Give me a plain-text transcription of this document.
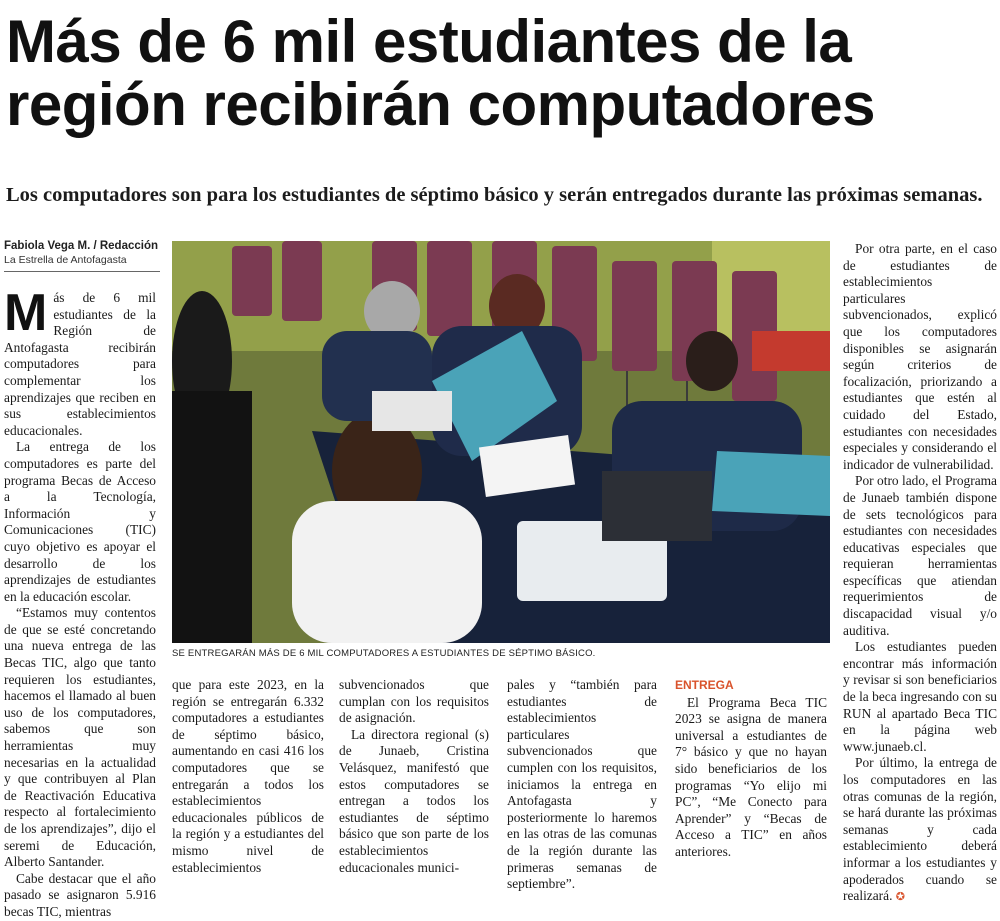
Más de 6 mil estudiantes de la región recibirán computadores
Los computadores son para los estudiantes de séptimo básico y serán entregados durante las próximas semanas.
Fabiola Vega M. / Redacción
La Estrella de Antofagasta

Más de 6 mil estudiantes de la Región de Antofagasta recibirán computadores para complementar los aprendizajes que reciben en sus establecimientos educacionales.

La entrega de los computadores es parte del programa Becas de Acceso a la Tecnología, Información y Comunicaciones (TIC) cuyo objetivo es apoyar el desarrollo de los aprendizajes de estudiantes en la educación escolar.

“Estamos muy contentos de que se esté concretando una nueva entrega de las Becas TIC, algo que tanto requieren los estudiantes, hacemos el llamado al buen uso de los computadores, sabemos que son herramientas muy necesarias en la actualidad y que contribuyen al Plan de Reactivación Educativa respecto al fortalecimiento de los aprendizajes”, dijo el seremi de Educación, Alberto Santander.

Cabe destacar que el año pasado se asignaron 5.916 becas TIC, mientras

SE ENTREGARÁN MÁS DE 6 MIL COMPUTADORES A ESTUDIANTES DE SÉPTIMO BÁSICO.

que para este 2023, en la región se entregarán 6.332 computadores a estudiantes de séptimo básico, aumentando en casi 416 los computadores que se entregarán a todos los establecimientos educacionales públicos de la región y a estudiantes del mismo nivel de establecimientos

subvencionados que cumplan con los requisitos de asignación.

La directora regional (s) de Junaeb, Cristina Velásquez, manifestó que estos computadores se entregan a todos los estudiantes de séptimo básico que son parte de los establecimientos educacionales munici-

pales y “también para estudiantes de establecimientos particulares subvencionados que cumplen con los requisitos, iniciamos la entrega en Antofagasta y posteriormente lo haremos en las otras de las comunas de la región durante las primeras semanas de septiembre”.

ENTREGA

El Programa Beca TIC 2023 se asigna de manera universal a estudiantes de 7° básico y que no hayan sido beneficiarios de los programas “Yo elijo mi PC”, “Me Conecto para Aprender” y “Becas de Acceso a TIC” en años anteriores.

Por otra parte, en el caso de estudiantes de establecimientos particulares subvencionados, explicó que los computadores disponibles se asignarán según criterios de focalización, priorizando a estudiantes que estén al cuidado del Estado, estudiantes con necesidades especiales y considerando el indicador de vulnerabilidad.

Por otro lado, el Programa de Junaeb también dispone de sets tecnológicos para estudiantes con necesidades educativas especiales que requieran herramientas específicas que atiendan requerimientos de discapacidad visual y/o auditiva.

Los estudiantes pueden encontrar más información y revisar si son beneficiarios de la beca ingresando con su RUN al apartado Beca TIC en la página web www.junaeb.cl.

Por último, la entrega de los computadores en las otras comunas de la región, se hará durante las próximas semanas y cada establecimiento deberá informar a los estudiantes y apoderados cuando se realizará. ✪
